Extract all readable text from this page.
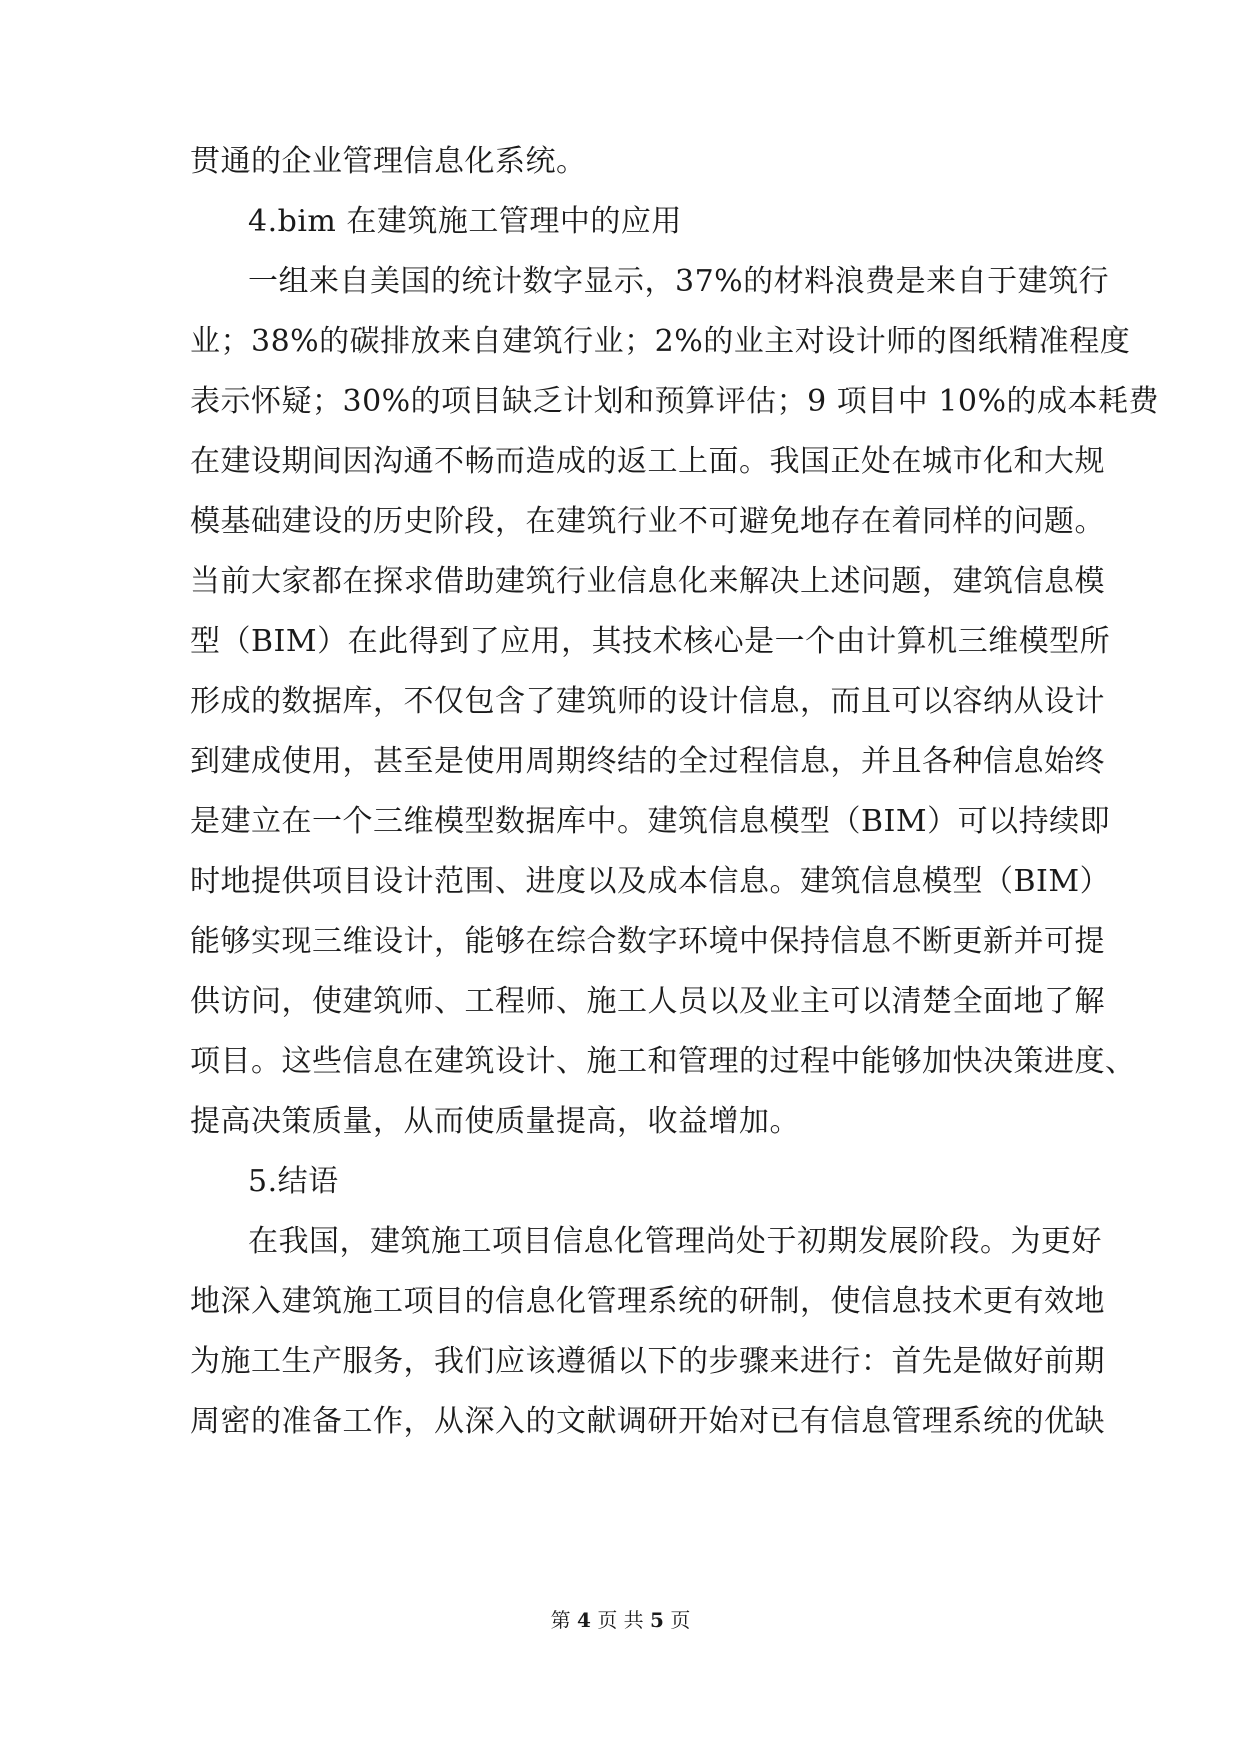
贯通的企业管理信息化系统。
4.bim 在建筑施工管理中的应用
一组来自美国的统计数字显示，37%的材料浪费是来自于建筑行
业；38%的碳排放来自建筑行业；2%的业主对设计师的图纸精准程度
表示怀疑；30%的项目缺乏计划和预算评估；9 项目中 10%的成本耗费
在建设期间因沟通不畅而造成的返工上面。我国正处在城市化和大规
模基础建设的历史阶段，在建筑行业不可避免地存在着同样的问题。
当前大家都在探求借助建筑行业信息化来解决上述问题，建筑信息模
型（BIM）在此得到了应用，其技术核心是一个由计算机三维模型所
形成的数据库，不仅包含了建筑师的设计信息，而且可以容纳从设计
到建成使用，甚至是使用周期终结的全过程信息，并且各种信息始终
是建立在一个三维模型数据库中。建筑信息模型（BIM）可以持续即
时地提供项目设计范围、进度以及成本信息。建筑信息模型（BIM）
能够实现三维设计，能够在综合数字环境中保持信息不断更新并可提
供访问，使建筑师、工程师、施工人员以及业主可以清楚全面地了解
项目。这些信息在建筑设计、施工和管理的过程中能够加快决策进度、
提高决策质量，从而使质量提高，收益增加。
5.结语
在我国，建筑施工项目信息化管理尚处于初期发展阶段。为更好
地深入建筑施工项目的信息化管理系统的研制，使信息技术更有效地
为施工生产服务，我们应该遵循以下的步骤来进行：首先是做好前期
周密的准备工作，从深入的文献调研开始对已有信息管理系统的优缺
第 4 页 共 5 页
